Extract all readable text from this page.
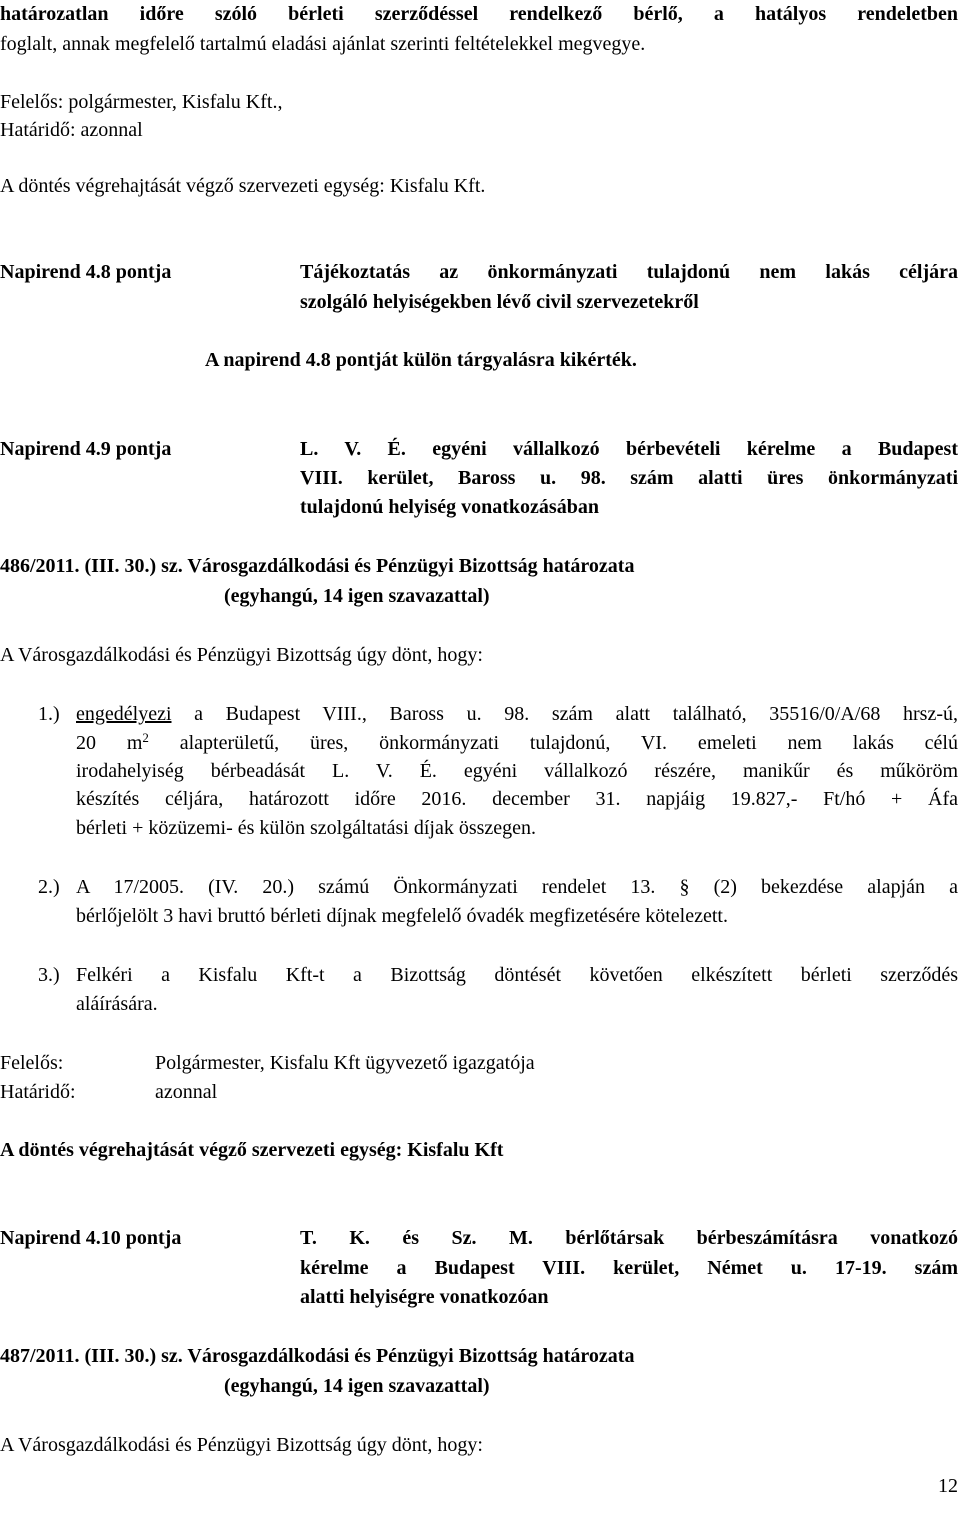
határozatlan időre szóló bérleti szerződéssel rendelkező bérlő, a hatályos rendeletben

foglalt, annak megfelelő tartalmú eladási ajánlat szerinti feltételekkel megvegye.

Felelős: polgármester, Kisfalu Kft.,

Határidő: azonnal

A döntés végrehajtását végző szervezeti egység: Kisfalu Kft.

Napirend 4.8 pontja	Tájékoztatás az önkormányzati tulajdonú nem lakás céljára
szolgáló helyiségekben lévő civil szervezetekről
A napirend 4.8 pontját külön tárgyalásra kikérték.
Napirend 4.9 pontja	L. V. É. egyéni vállalkozó bérbevételi kérelme a Budapest
VIII. kerület, Baross u. 98. szám alatti üres önkormányzati
tulajdonú helyiség vonatkozásában
486/2011. (III. 30.) sz. Városgazdálkodási és Pénzügyi Bizottság határozata
(egyhangú, 14 igen szavazattal)
A Városgazdálkodási és Pénzügyi Bizottság úgy dönt, hogy:
1.) engedélyezi a Budapest VIII., Baross u. 98. szám alatt található, 35516/0/A/68 hrsz-ú,
20 $m^2$ alapterületű, üres, önkormányzati tulajdonú, VI. emeleti nem lakás célú
irodahelyiség bérbeadását L. V. É. egyéni vállalkozó részére, manikűr és műköröm
készítés céljára, határozott időre 2016. december 31. napjáig 19.827,- Ft/hó + Áfa
bérleti + közüzemi- és külön szolgáltatási díjak összegen.
2.) A 17/2005. (IV. 20.) számú Önkormányzati rendelet 13. § (2) bekezdése alapján a
bérlőjelölt 3 havi bruttó bérleti díjnak megfelelő óvadék megfizetésére kötelezett.
3.) Felkéri a Kisfalu Kft-t a Bizottság döntését követően elkészített bérleti szerződés
aláírására.
Felelős:	Polgármester, Kisfalu Kft ügyvezető igazgatója
Határidő:	azonnal
A döntés végrehajtását végző szervezeti egység: Kisfalu Kft
Napirend 4.10 pontja	T. K. és Sz. M. bérlőtársak bérbeszámításra vonatkozó
kérelme a Budapest VIII. kerület, Német u. 17-19. szám
alatti helyiségre vonatkozóan
487/2011. (III. 30.) sz. Városgazdálkodási és Pénzügyi Bizottság határozata
(egyhangú, 14 igen szavazattal)
A Városgazdálkodási és Pénzügyi Bizottság úgy dönt, hogy:
12
